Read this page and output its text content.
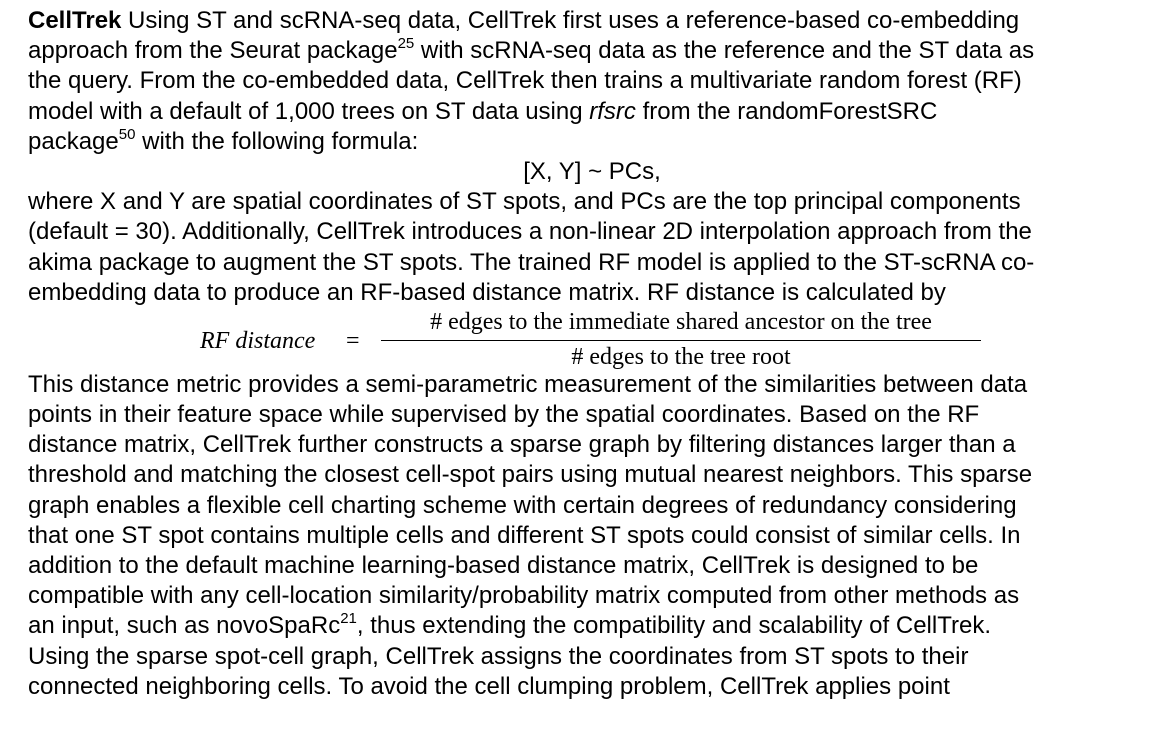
CellTrek Using ST and scRNA-seq data, CellTrek first uses a reference-based co-embedding
approach from the Seurat package$^{25}$ with scRNA-seq data as the reference and the ST data as
the query. From the co-embedded data, CellTrek then trains a multivariate random forest (RF)
model with a default of 1,000 trees on ST data using rfsrc from the randomForestSRC
package$^{50}$ with the following formula:
[X, Y] ~ PCs,
where X and Y are spatial coordinates of ST spots, and PCs are the top principal components
(default = 30). Additionally, CellTrek introduces a non-linear 2D interpolation approach from the
akima package to augment the ST spots. The trained RF model is applied to the ST-scRNA co-
embedding data to produce an RF-based distance matrix. RF distance is calculated by
RF distance =
# edges to the immediate shared ancestor on the tree
# edges to the tree root
This distance metric provides a semi-parametric measurement of the similarities between data
points in their feature space while supervised by the spatial coordinates. Based on the RF
distance matrix, CellTrek further constructs a sparse graph by filtering distances larger than a
threshold and matching the closest cell-spot pairs using mutual nearest neighbors. This sparse
graph enables a flexible cell charting scheme with certain degrees of redundancy considering
that one ST spot contains multiple cells and different ST spots could consist of similar cells. In
addition to the default machine learning-based distance matrix, CellTrek is designed to be
compatible with any cell-location similarity/probability matrix computed from other methods as
an input, such as novoSpaRc$^{21}$, thus extending the compatibility and scalability of CellTrek.
Using the sparse spot-cell graph, CellTrek assigns the coordinates from ST spots to their
connected neighboring cells. To avoid the cell clumping problem, CellTrek applies point
